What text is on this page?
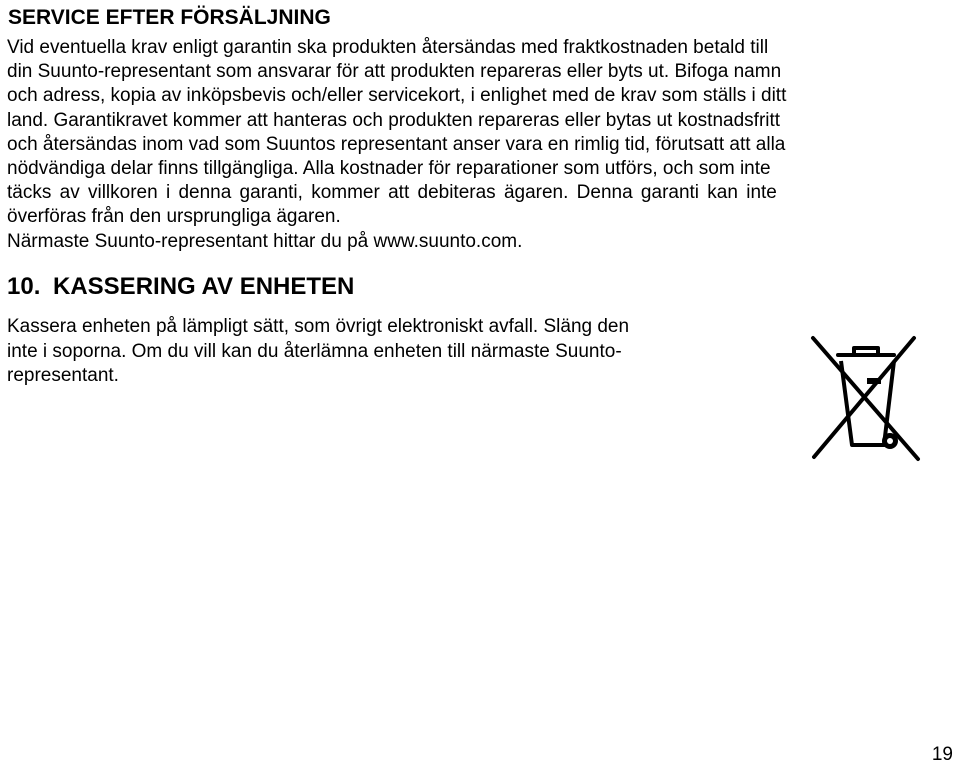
SERVICE EFTER FÖRSÄLJNING

Vid eventuella krav enligt garantin ska produkten återsändas med fraktkostnaden betald till
din Suunto-representant som ansvarar för att produkten repareras eller byts ut. Bifoga namn
och adress, kopia av inköpsbevis och/eller servicekort, i enlighet med de krav som ställs i ditt
land. Garantikravet kommer att hanteras och produkten repareras eller bytas ut kostnadsfritt
och återsändas inom vad som Suuntos representant anser vara en rimlig tid, förutsatt att alla
nödvändiga delar finns tillgängliga. Alla kostnader för reparationer som utförs, och som inte
täcks av villkoren i denna garanti, kommer att debiteras ägaren. Denna garanti kan inte
överföras från den ursprungliga ägaren.
Närmaste Suunto-representant hittar du på www.suunto.com.

10. KASSERING AV ENHETEN

Kassera enheten på lämpligt sätt, som övrigt elektroniskt avfall. Släng den
inte i soporna. Om du vill kan du återlämna enheten till närmaste Suunto-
representant.

19
